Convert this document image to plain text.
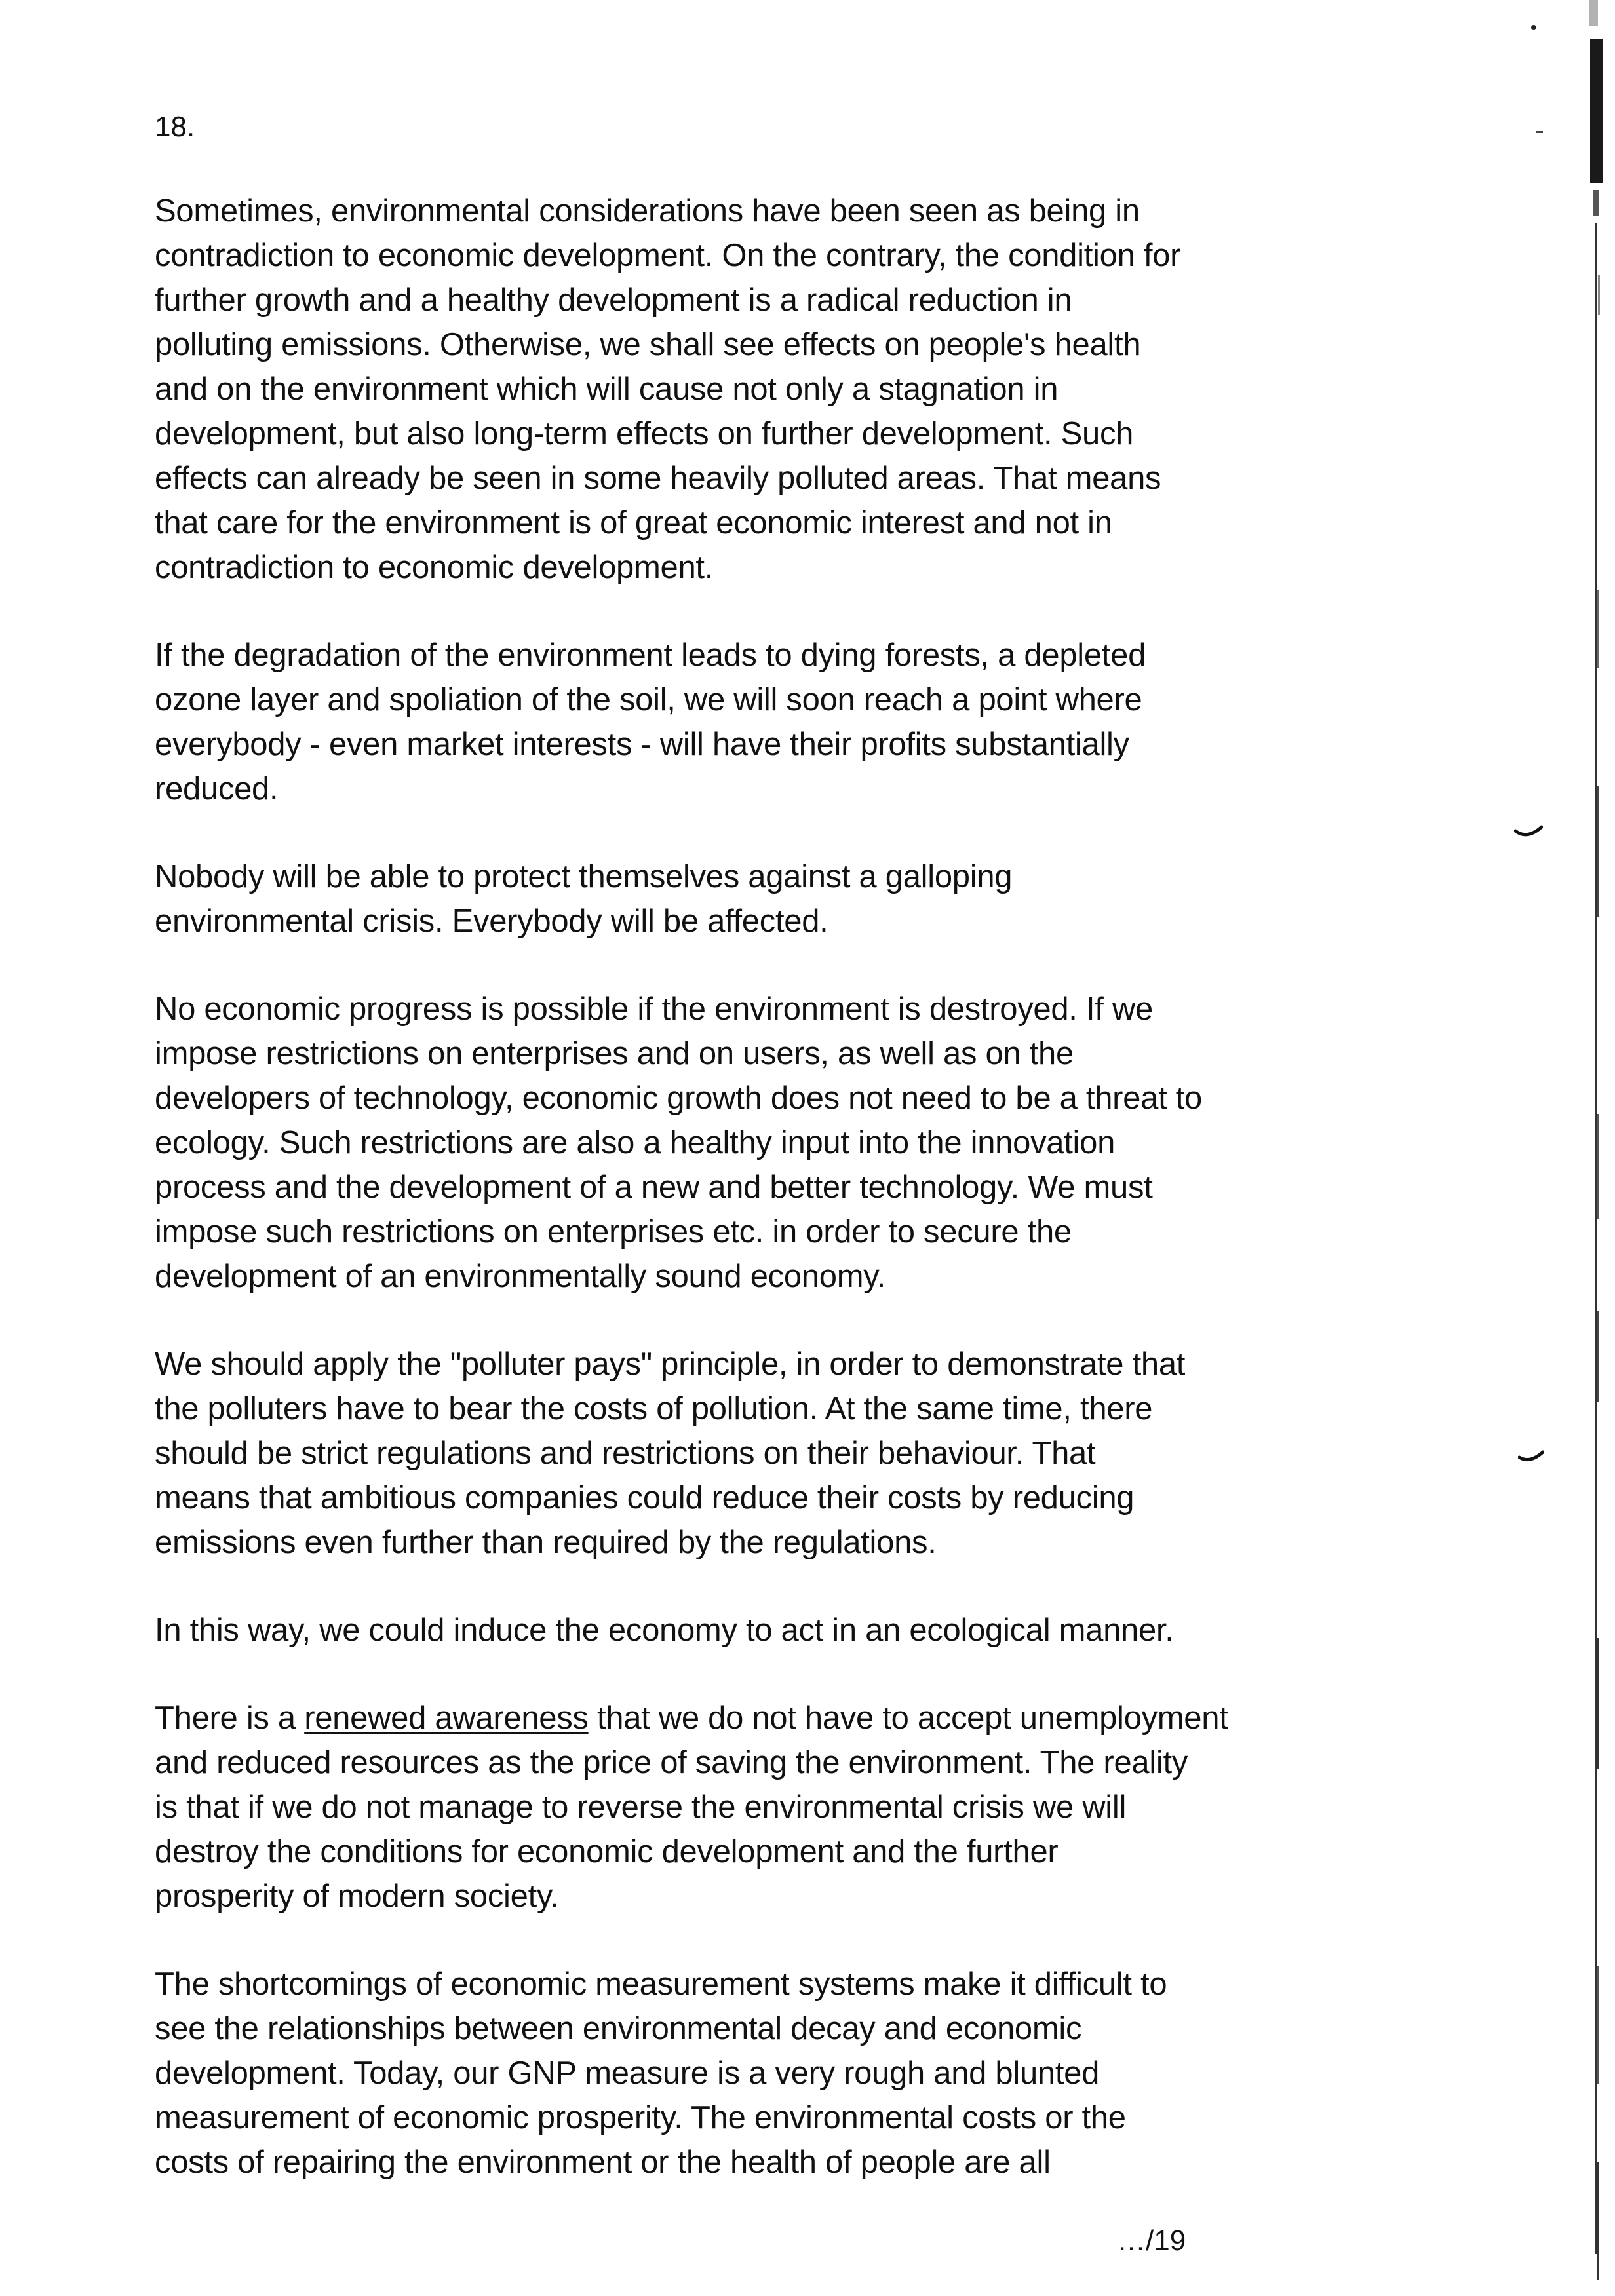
18.
Sometimes, environmental considerations have been seen as being in
contradiction to economic development. On the contrary, the condition for
further growth and a healthy development is a radical reduction in
polluting emissions. Otherwise, we shall see effects on people's health
and on the environment which will cause not only a stagnation in
development, but also long-term effects on further development. Such
effects can already be seen in some heavily polluted areas. That means
that care for the environment is of great economic interest and not in
contradiction to economic development.
If the degradation of the environment leads to dying forests, a depleted
ozone layer and spoliation of the soil, we will soon reach a point where
everybody - even market interests - will have their profits substantially
reduced.
Nobody will be able to protect themselves against a galloping
environmental crisis. Everybody will be affected.
No economic progress is possible if the environment is destroyed. If we
impose restrictions on enterprises and on users, as well as on the
developers of technology, economic growth does not need to be a threat to
ecology. Such restrictions are also a healthy input into the innovation
process and the development of a new and better technology. We must
impose such restrictions on enterprises etc. in order to secure the
development of an environmentally sound economy.
We should apply the "polluter pays" principle, in order to demonstrate that
the polluters have to bear the costs of pollution. At the same time, there
should be strict regulations and restrictions on their behaviour. That
means that ambitious companies could reduce their costs by reducing
emissions even further than required by the regulations.
In this way, we could induce the economy to act in an ecological manner.
There is a renewed awareness that we do not have to accept unemployment
and reduced resources as the price of saving the environment. The reality
is that if we do not manage to reverse the environmental crisis we will
destroy the conditions for economic development and the further
prosperity of modern society.
The shortcomings of economic measurement systems make it difficult to
see the relationships between environmental decay and economic
development. Today, our GNP measure is a very rough and blunted
measurement of economic prosperity. The environmental costs or the
costs of repairing the environment or the health of people are all
…/19
